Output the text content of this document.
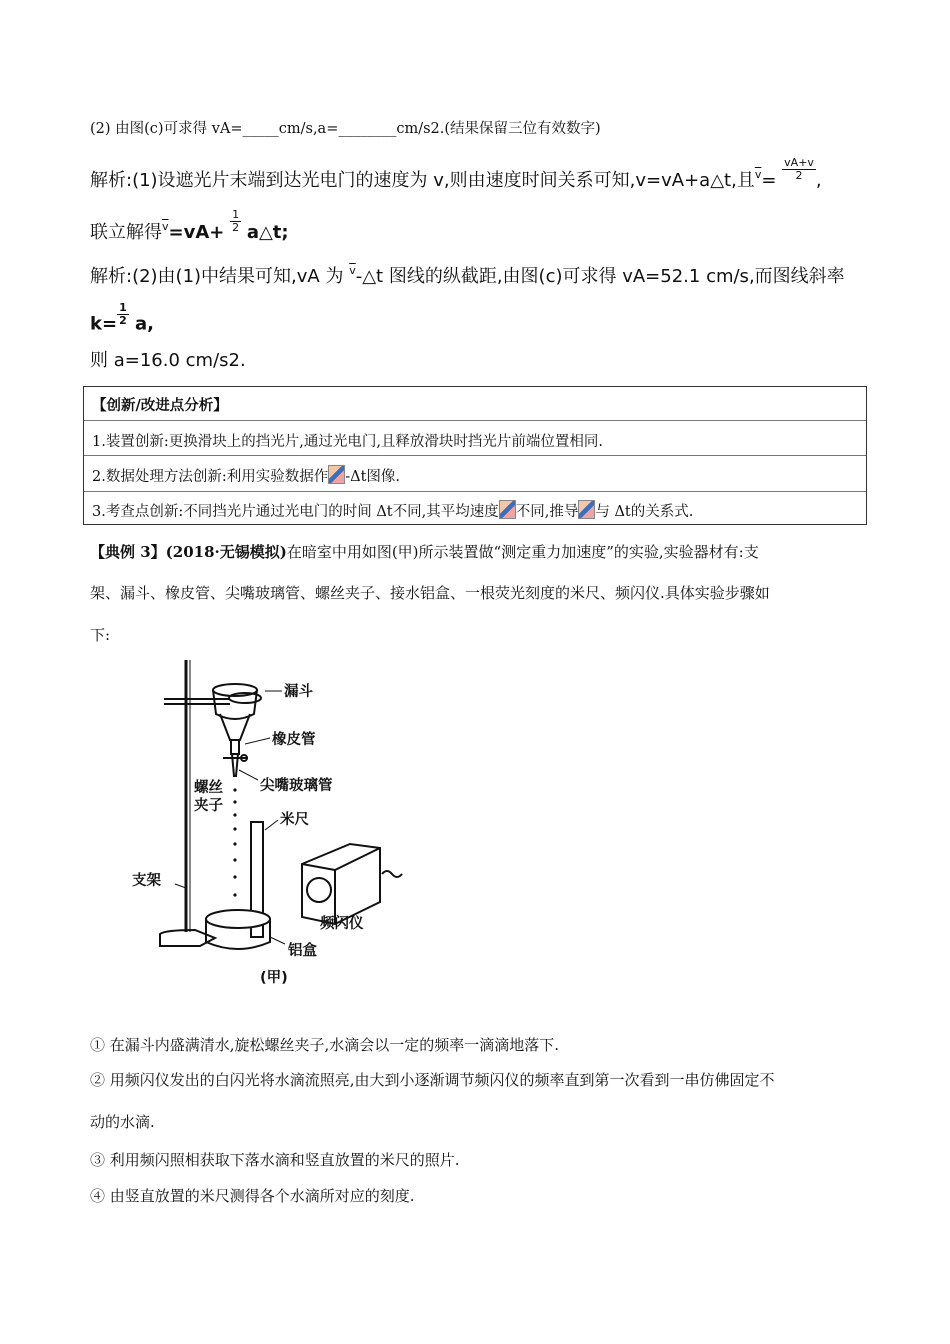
(2) 由图(c)可求得 vA=_____cm/s,a=________cm/s2.(结果保留三位有效数字)
解析:(1)设遮光片末端到达光电门的速度为 v,则由速度时间关系可知,v=vA+a△t,且$^{\overline{v}}= \frac{vA+v}{2}$ ,
联立解得$^{\overline{v}}=vA+ \frac{1}{2}$ a△t;
解析:(2)由(1)中结果可知,vA 为 $^{\overline{v}}$-△t 图线的纵截距,由图(c)可求得 vA=52.1 cm/s,而图线斜率
$k= \frac{1}{2} a$,
则 a=16.0 cm/s2.
【创新/改进点分析】
1.装置创新:更换滑块上的挡光片,通过光电门,且释放滑块时挡光片前端位置相同.
2.数据处理方法创新:利用实验数据作 -Δt图像.
3.考查点创新:不同挡光片通过光电门的时间 Δt不同,其平均速度 不同,推导 与 Δt的关系式.
【典例 3】(2018·无锡模拟)在暗室中用如图(甲)所示装置做“测定重力加速度”的实验,实验器材有:支
架、漏斗、橡皮管、尖嘴玻璃管、螺丝夹子、接水铝盒、一根荧光刻度的米尺、频闪仪.具体实验步骤如
下:
漏斗
橡皮管
尖嘴玻璃管
螺丝
夹子
米尺
支架
频闪仪
铝盒
(甲)
① 在漏斗内盛满清水,旋松螺丝夹子,水滴会以一定的频率一滴滴地落下.
② 用频闪仪发出的白闪光将水滴流照亮,由大到小逐渐调节频闪仪的频率直到第一次看到一串仿佛固定不
动的水滴.
③ 利用频闪照相获取下落水滴和竖直放置的米尺的照片.
④ 由竖直放置的米尺测得各个水滴所对应的刻度.
